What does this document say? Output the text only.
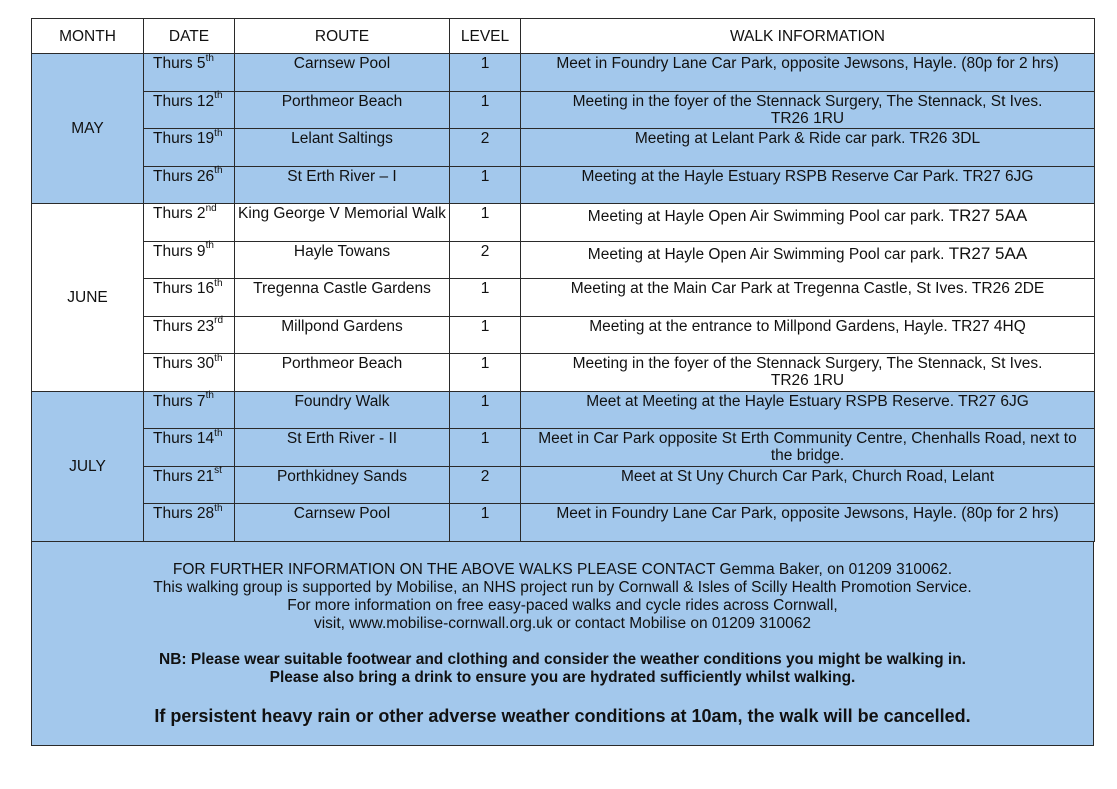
MONTH	DATE	ROUTE	LEVEL	WALK INFORMATION
MAY	Thurs 5th	Carnsew Pool	1	Meet in Foundry Lane Car Park, opposite Jewsons, Hayle. (80p for 2 hrs)

	Thurs 12th	Porthmeor Beach	1	Meeting in the foyer of the Stennack Surgery, The Stennack, St Ives.
TR26 1RU

	Thurs 19th	Lelant Saltings	2	Meeting at Lelant Park & Ride car park. TR26 3DL

	Thurs 26th	St Erth River – I	1	Meeting at the Hayle Estuary RSPB Reserve Car Park. TR27 6JG

JUNE	Thurs 2nd	King George V Memorial Walk	1	Meeting at Hayle Open Air Swimming Pool car park. TR27 5AA

	Thurs 9th	Hayle Towans	2	Meeting at Hayle Open Air Swimming Pool car park. TR27 5AA

	Thurs 16th	Tregenna Castle Gardens	1	Meeting at the Main Car Park at Tregenna Castle, St Ives. TR26 2DE

	Thurs 23rd	Millpond Gardens	1	Meeting at the entrance to Millpond Gardens, Hayle. TR27 4HQ

	Thurs 30th	Porthmeor Beach	1	Meeting in the foyer of the Stennack Surgery, The Stennack, St Ives.
TR26 1RU

JULY	Thurs 7th	Foundry Walk	1	Meet at Meeting at the Hayle Estuary RSPB Reserve. TR27 6JG

	Thurs 14th	St Erth River - II	1	Meet in Car Park opposite St Erth Community Centre, Chenhalls Road, next to
the bridge.

	Thurs 21st	Porthkidney Sands	2	Meet at St Uny Church Car Park, Church Road, Lelant

	Thurs 28th	Carnsew Pool	1	Meet in Foundry Lane Car Park, opposite Jewsons, Hayle. (80p for 2 hrs)

FOR FURTHER INFORMATION ON THE ABOVE WALKS PLEASE CONTACT Gemma Baker, on 01209 310062.

This walking group is supported by Mobilise, an NHS project run by Cornwall & Isles of Scilly Health Promotion Service.

For more information on free easy-paced walks and cycle rides across Cornwall,

visit, www.mobilise-cornwall.org.uk or contact Mobilise on 01209 310062

NB: Please wear suitable footwear and clothing and consider the weather conditions you might be walking in.

Please also bring a drink to ensure you are hydrated sufficiently whilst walking.

If persistent heavy rain or other adverse weather conditions at 10am, the walk will be cancelled.
